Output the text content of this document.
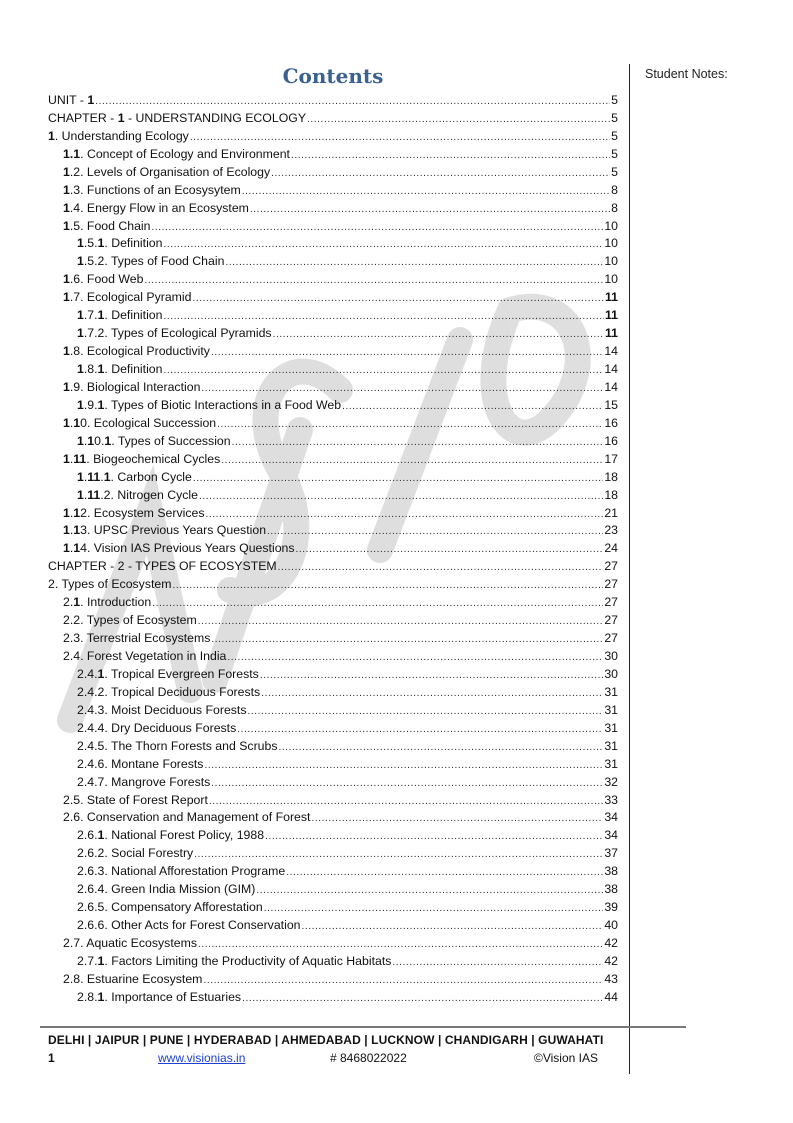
Contents	Student Notes:
UNIT - 1 .....	5
CHAPTER - 1 - UNDERSTANDING ECOLOGY .....	5
1. Understanding Ecology .....	5
1.1. Concept of Ecology and Environment .....	5
1.2. Levels of Organisation of Ecology .....	5
1.3. Functions of an Ecosysytem .....	8
1.4. Energy Flow in an Ecosystem .....	8
1.5. Food Chain .....	10
1.5.1. Definition .....	10
1.5.2. Types of Food Chain .....	10
1.6. Food Web .....	10
1.7. Ecological Pyramid .....	11
1.7.1. Definition .....	11
1.7.2. Types of Ecological Pyramids .....	11
1.8. Ecological Productivity .....	14
1.8.1. Definition .....	14
1.9. Biological Interaction .....	14
1.9.1. Types of Biotic Interactions in a Food Web .....	15
1.10. Ecological Succession .....	16
1.10.1. Types of Succession .....	16
1.11. Biogeochemical Cycles .....	17
1.11.1. Carbon Cycle .....	18
1.11.2. Nitrogen Cycle .....	18
1.12. Ecosystem Services .....	21
1.13. UPSC Previous Years Question .....	23
1.14. Vision IAS Previous Years Questions .....	24
CHAPTER - 2 - TYPES OF ECOSYSTEM .....	27
2. Types of Ecosystem .....	27
2.1. Introduction .....	27
2.2. Types of Ecosystem .....	27
2.3. Terrestrial Ecosystems .....	27
2.4. Forest Vegetation in India .....	30
2.4.1. Tropical Evergreen Forests .....	30
2.4.2. Tropical Deciduous Forests .....	31
2.4.3. Moist Deciduous Forests .....	31
2.4.4. Dry Deciduous Forests .....	31
2.4.5. The Thorn Forests and Scrubs .....	31
2.4.6. Montane Forests .....	31
2.4.7. Mangrove Forests .....	32
2.5. State of Forest Report .....	33
2.6. Conservation and Management of Forest .....	34
2.6.1. National Forest Policy, 1988 .....	34
2.6.2. Social Forestry .....	37
2.6.3. National Afforestation Programe .....	38
2.6.4. Green India Mission (GIM) .....	38
2.6.5. Compensatory Afforestation .....	39
2.6.6. Other Acts for Forest Conservation .....	40
2.7. Aquatic Ecosystems .....	42
2.7.1. Factors Limiting the Productivity of Aquatic Habitats .....	42
2.8. Estuarine Ecosystem .....	43
2.8.1. Importance of Estuaries .....	44
DELHI | JAIPUR | PUNE | HYDERABAD | AHMEDABAD | LUCKNOW | CHANDIGARH | GUWAHATI
1	www.visionias.in	# 8468022022	©Vision IAS
